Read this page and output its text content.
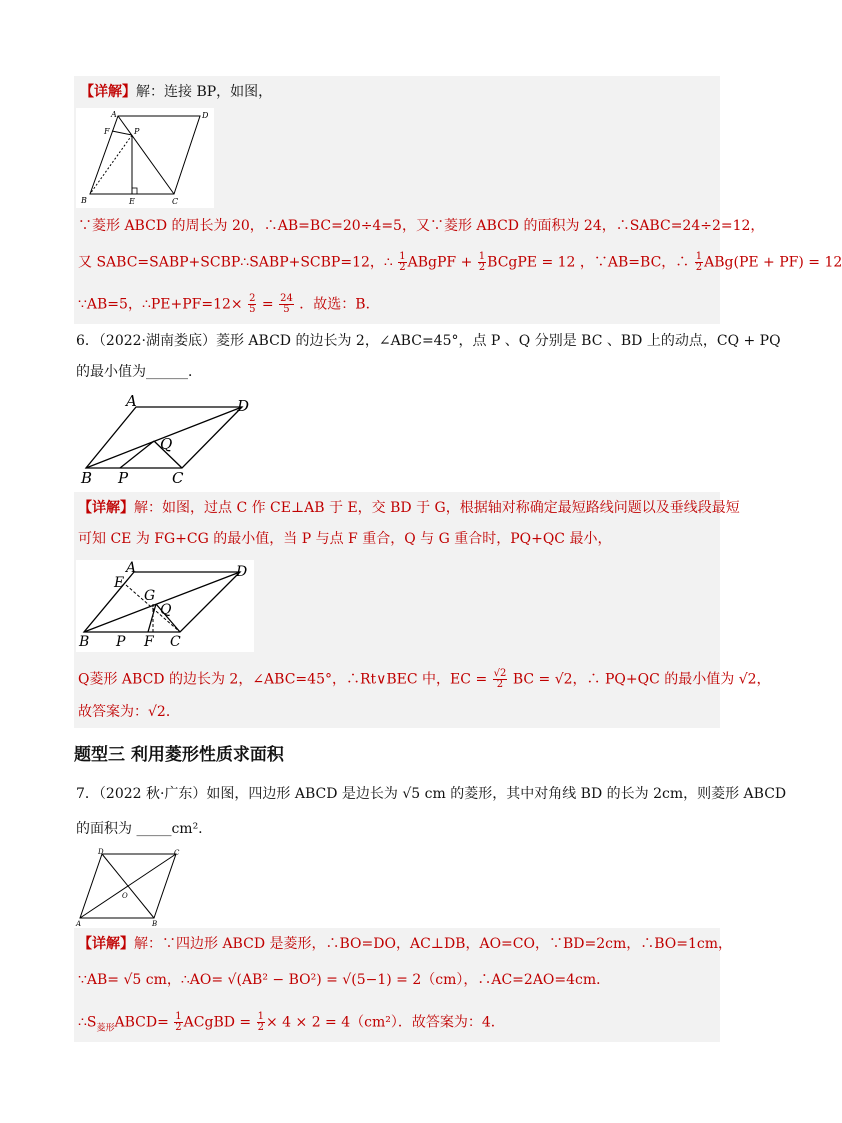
【详解】解：连接 BP，如图，
A	D
F	P
B	E	C
∵菱形 ABCD 的周长为 20，∴AB=BC=20÷4=5，又∵菱形 ABCD 的面积为 24，∴SABC=24÷2=12，
又 SABC=SABP+SCBP∴SABP+SCBP=12，∴ $\frac{1}{2}$ ABgPF + $\frac{1}{2}$ BCgPE = 12 ，∵AB=BC，∴ $\frac{1}{2} ABg(PE + PF) = 12$
∵AB=5，∴PE+PF=12× $\frac{2}{5} = \frac{24}{5}$ ．故选：B．
6．（2022·湖南娄底）菱形 ABCD 的边长为 2，∠ABC=45°，点 P 、Q 分别是 BC 、BD 上的动点，CQ + PQ
的最小值为______．
A	D
Q
B P	C
【详解】解：如图，过点 C 作 CE⊥AB 于 E，交 BD 于 G，根据轴对称确定最短路线问题以及垂线段最短
可知 CE 为 FG+CG 的最小值，当 P 与点 F 重合，Q 与 G 重合时，PQ+QC 最小，
A	D
E
G
Q
B P F C
Q菱形 ABCD 的边长为 2，∠ABC=45°，∴Rt∨BEC 中，EC = $\frac{√2}{2}$ BC = √2，∴ PQ+QC 的最小值为 √2，
故答案为：√2．
题型三 利用菱形性质求面积
7．（2022 秋·广东）如图，四边形 ABCD 是边长为 √5 cm 的菱形，其中对角线 BD 的长为 2cm，则菱形 ABCD
的面积为 _____cm².
D	C
O
A	B
【详解】解：∵四边形 ABCD 是菱形，∴BO=DO，AC⊥DB，AO=CO，∵BD=2cm，∴BO=1cm，
∵AB= √5 cm，∴AO= √(AB² − BO²) = √(5−1) = 2（cm），∴AC=2AO=4cm．
$\therefore S_{菱形}ABCD= \frac{1}{2}$ ACgBD = $\frac{1}{2} \times 4 \times 2 = 4(cm^2)$．故答案为：4．
